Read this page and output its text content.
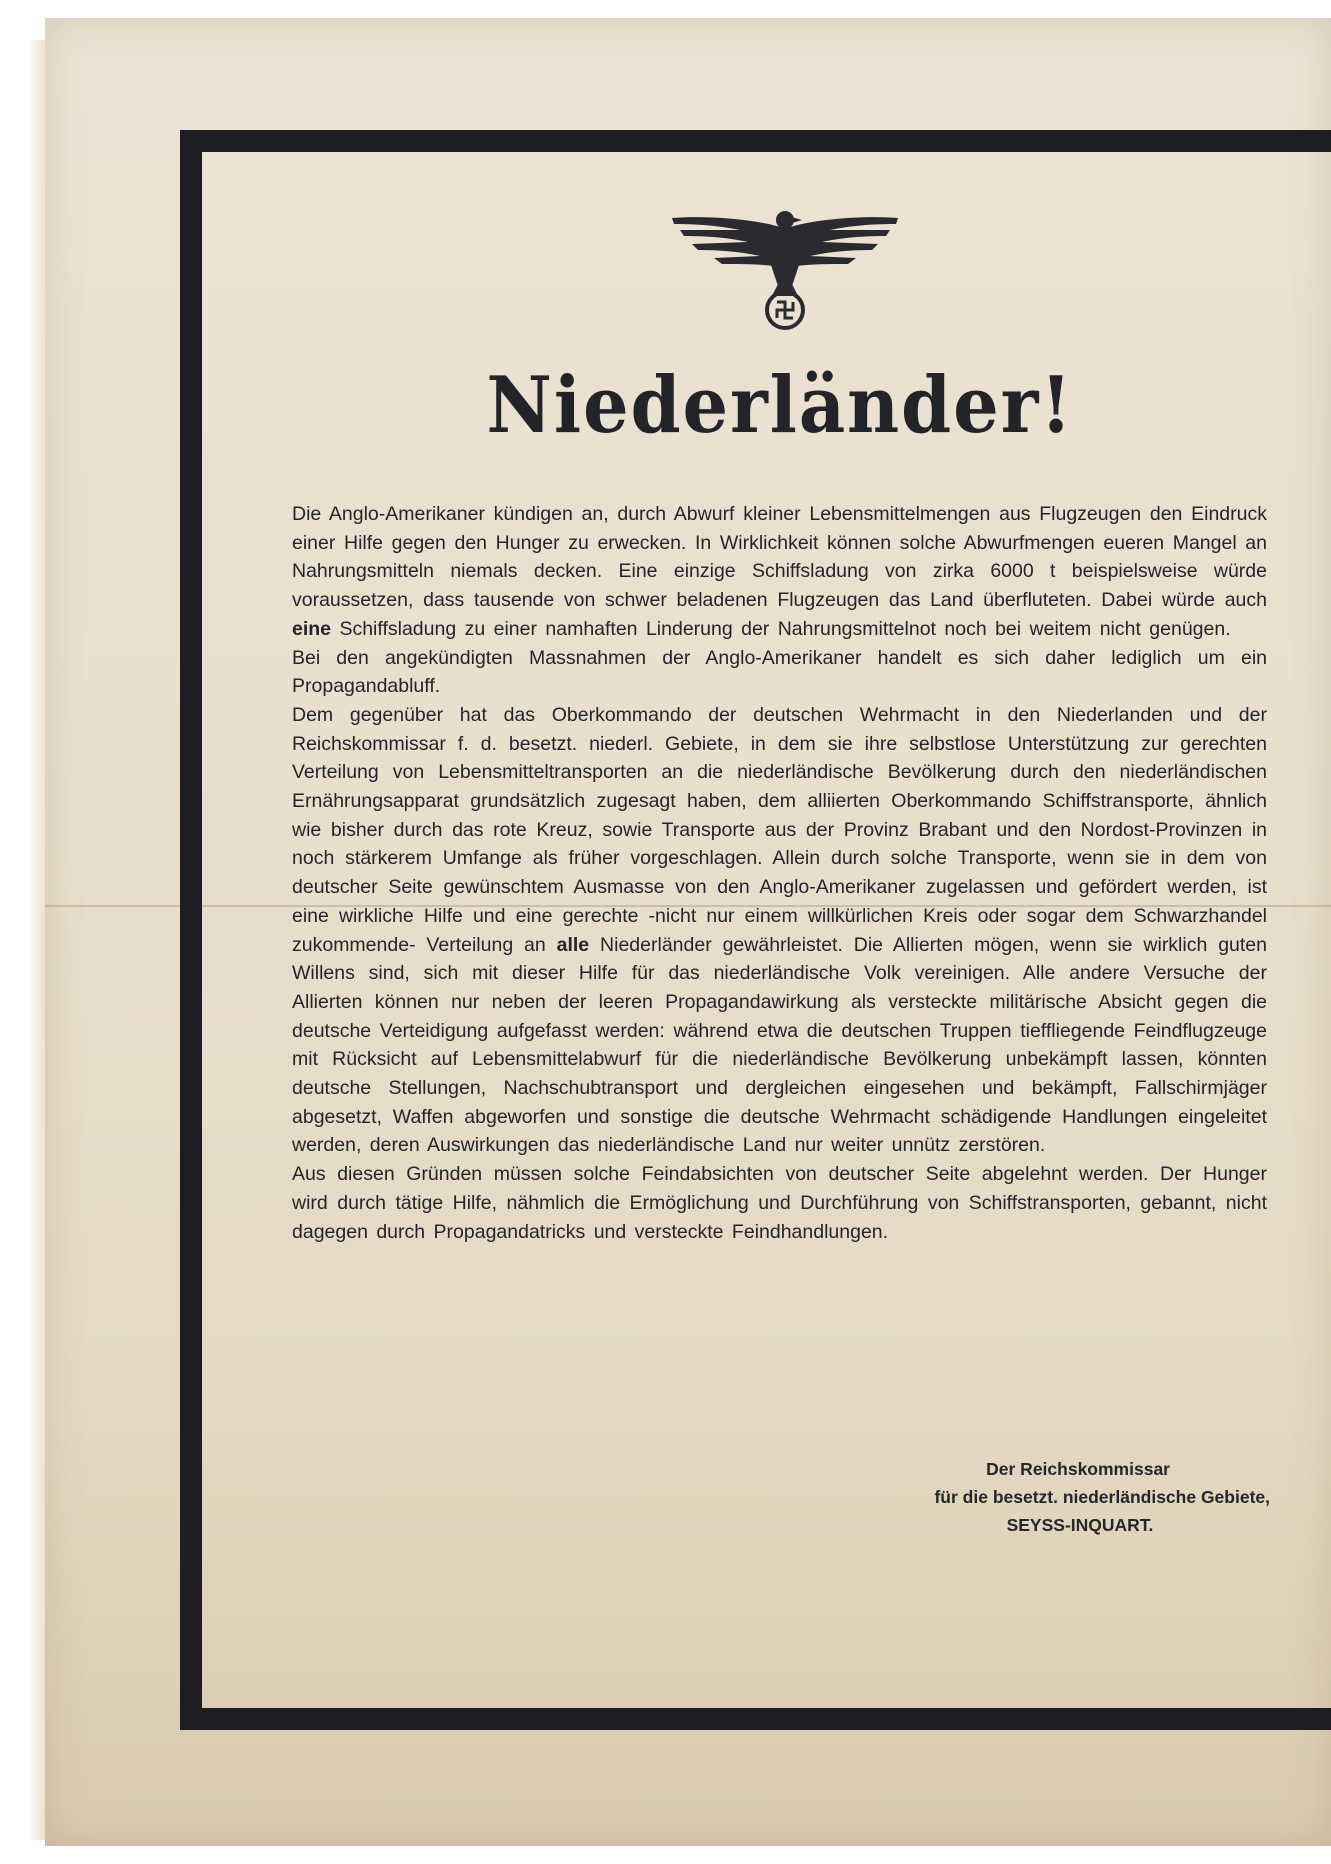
Niederländer!
Die Anglo-Amerikaner kündigen an, durch Abwurf kleiner Lebensmittelmengen aus Flugzeugen den Eindruck einer Hilfe gegen den Hunger zu erwecken. In Wirklichkeit können solche Abwurfmengen eueren Mangel an Nahrungsmitteln niemals decken. Eine einzige Schiffsladung von zirka 6000 t beispielsweise würde voraussetzen, dass tausende von schwer beladenen Flugzeugen das Land überfluteten. Dabei würde auch eine Schiffsladung zu einer namhaften Linderung der Nahrungsmittelnot noch bei weitem nicht genügen.
Bei den angekündigten Massnahmen der Anglo-Amerikaner handelt es sich daher lediglich um ein Propagandabluff.
Dem gegenüber hat das Oberkommando der deutschen Wehrmacht in den Niederlanden und der Reichskommissar f. d. besetzt. niederl. Gebiete, in dem sie ihre selbstlose Unterstützung zur gerechten Verteilung von Lebensmitteltransporten an die niederländische Bevölkerung durch den niederländischen Ernährungsapparat grundsätzlich zugesagt haben, dem alliierten Oberkommando Schiffstransporte, ähnlich wie bisher durch das rote Kreuz, sowie Transporte aus der Provinz Brabant und den Nordost-Provinzen in noch stärkerem Umfange als früher vorgeschlagen. Allein durch solche Transporte, wenn sie in dem von deutscher Seite gewünschtem Ausmasse von den Anglo-Amerikaner zugelassen und gefördert werden, ist eine wirkliche Hilfe und eine gerechte -nicht nur einem willkürlichen Kreis oder sogar dem Schwarzhandel zukommende- Verteilung an alle Niederländer gewährleistet. Die Allierten mögen, wenn sie wirklich guten Willens sind, sich mit dieser Hilfe für das niederländische Volk vereinigen. Alle andere Versuche der Allierten können nur neben der leeren Propagandawirkung als versteckte militärische Absicht gegen die deutsche Verteidigung aufgefasst werden: während etwa die deutschen Truppen tieffliegende Feindflugzeuge mit Rücksicht auf Lebensmittelabwurf für die niederländische Bevölkerung unbekämpft lassen, könnten deutsche Stellungen, Nachschubtransport und dergleichen eingesehen und bekämpft, Fallschirmjäger abgesetzt, Waffen abgeworfen und sonstige die deutsche Wehrmacht schädigende Handlungen eingeleitet werden, deren Auswirkungen das niederländische Land nur weiter unnütz zerstören.
Aus diesen Gründen müssen solche Feindabsichten von deutscher Seite abgelehnt werden. Der Hunger wird durch tätige Hilfe, nähmlich die Ermöglichung und Durchführung von Schiffstransporten, gebannt, nicht dagegen durch Propagandatricks und versteckte Feindhandlungen.
Der Reichskommissar
für die besetzt. niederländische Gebiete,
SEYSS-INQUART.
